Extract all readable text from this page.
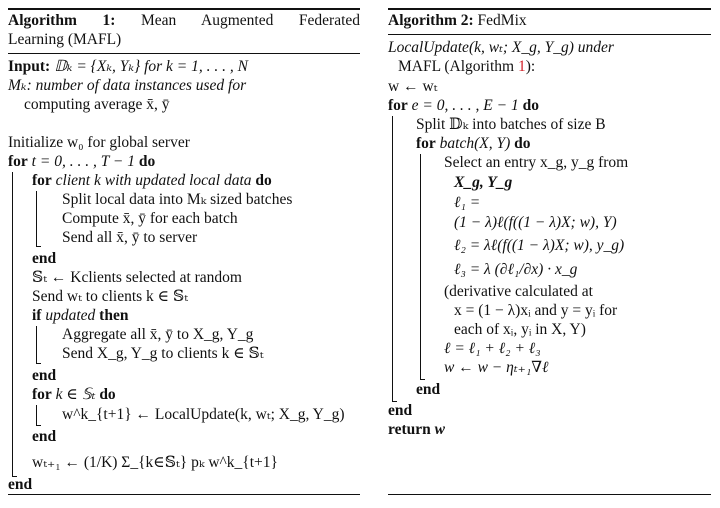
Algorithm 1: Mean Augmented Federated
Learning (MAFL)
Input: 𝔻ₖ = {Xₖ, Yₖ} for k = 1, . . . , N
Mₖ: number of data instances used for
computing average x̄, ȳ
Initialize w₀ for global server
for t = 0, . . . , T − 1 do
for client k with updated local data do
Split local data into Mₖ sized batches
Compute x̄, ȳ for each batch
Send all x̄, ȳ to server
end
𝕊ₜ ← Kclients selected at random
Send wₜ to clients k ∈ 𝕊ₜ
if updated then
Aggregate all x̄, ȳ to X_g, Y_g
Send X_g, Y_g to clients k ∈ 𝕊ₜ
end
for k ∈ 𝕊ₜ do
w^k_{t+1} ← LocalUpdate(k, wₜ; X_g, Y_g)
end
wₜ₊₁ ← (1/K) Σ_{k∈𝕊ₜ} pₖ w^k_{t+1}
end
Algorithm 2: FedMix
LocalUpdate(k, wₜ; X_g, Y_g) under
MAFL (Algorithm 1):
w ← wₜ
for e = 0, . . . , E − 1 do
Split 𝔻ₖ into batches of size B
for batch(X, Y) do
Select an entry x_g, y_g from
X_g, Y_g
ℓ₁ =
(1 − λ)ℓ(f((1 − λ)X; w), Y)
ℓ₂ = λℓ(f((1 − λ)X; w), y_g)
ℓ₃ = λ (∂ℓ₁/∂x) · x_g
(derivative calculated at
x = (1 − λ)xᵢ and y = yᵢ for
each of xᵢ, yᵢ in X, Y)
ℓ = ℓ₁ + ℓ₂ + ℓ₃
w ← w − ηₜ₊₁∇ℓ
end
end
return w
